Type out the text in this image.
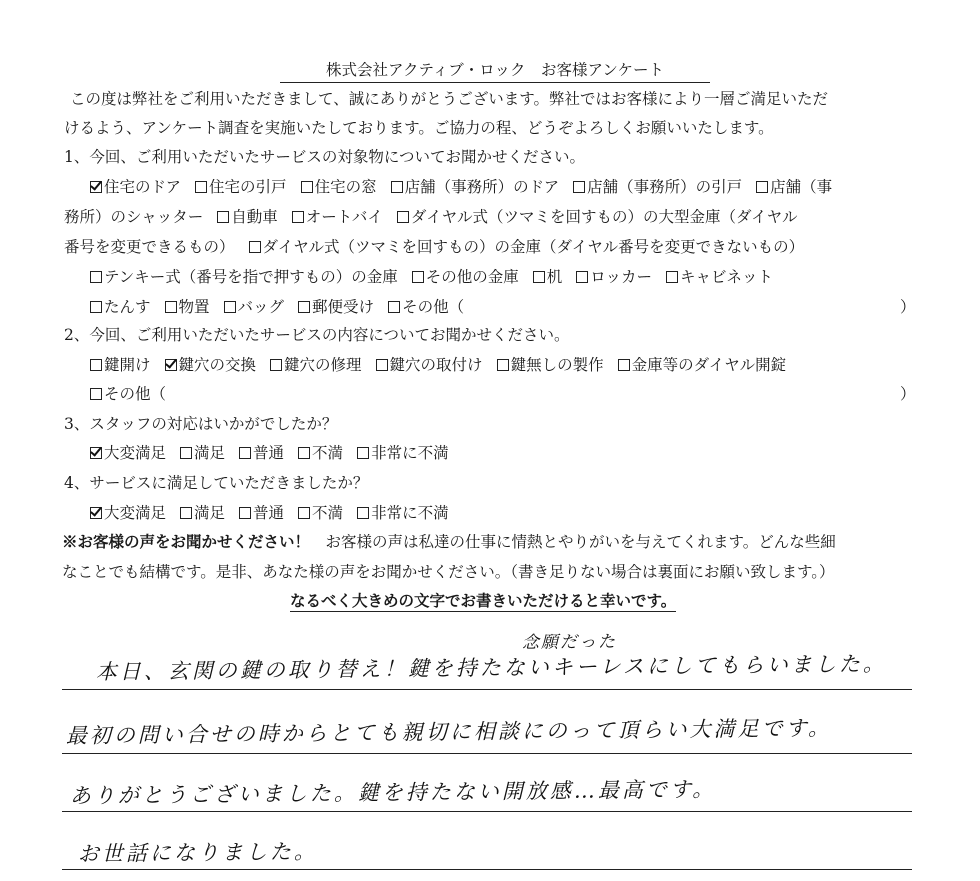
株式会社アクティブ・ロック　お客様アンケート
この度は弊社をご利用いただきまして、誠にありがとうございます。弊社ではお客様により一層ご満足いただ
けるよう、アンケート調査を実施いたしております。ご協力の程、どうぞよろしくお願いいたします。
1、今回、ご利用いただいたサービスの対象物についてお聞かせください。
住宅のドア 住宅の引戸 住宅の窓 店舗（事務所）のドア 店舗（事務所）の引戸 店舗（事
務所）のシャッター 自動車 オートバイ ダイヤル式（ツマミを回すもの）の大型金庫（ダイヤル
番号を変更できるもの） ダイヤル式（ツマミを回すもの）の金庫（ダイヤル番号を変更できないもの）
テンキー式（番号を指で押すもの）の金庫 その他の金庫 机 ロッカー キャビネット
たんす 物置 バッグ 郵便受け その他（	）
2、今回、ご利用いただいたサービスの内容についてお聞かせください。
鍵開け 鍵穴の交換 鍵穴の修理 鍵穴の取付け 鍵無しの製作 金庫等のダイヤル開錠
その他（	）
3、スタッフの対応はいかがでしたか？
大変満足 満足 普通 不満 非常に不満
4、サービスに満足していただきましたか？
大変満足 満足 普通 不満 非常に不満
※お客様の声をお聞かせください！　お客様の声は私達の仕事に情熱とやりがいを与えてくれます。どんな些細
なことでも結構です。是非、あなた様の声をお聞かせください。（書き足りない場合は裏面にお願い致します。）
なるべく大きめの文字でお書きいただけると幸いです。
念願だった
本日、玄関の鍵の取り替え！鍵を持たないキーレスにしてもらいました。
最初の問い合せの時からとても親切に相談にのって頂らい大満足です。
ありがとうございました。鍵を持たない開放感…最高です。
お世話になりました。
